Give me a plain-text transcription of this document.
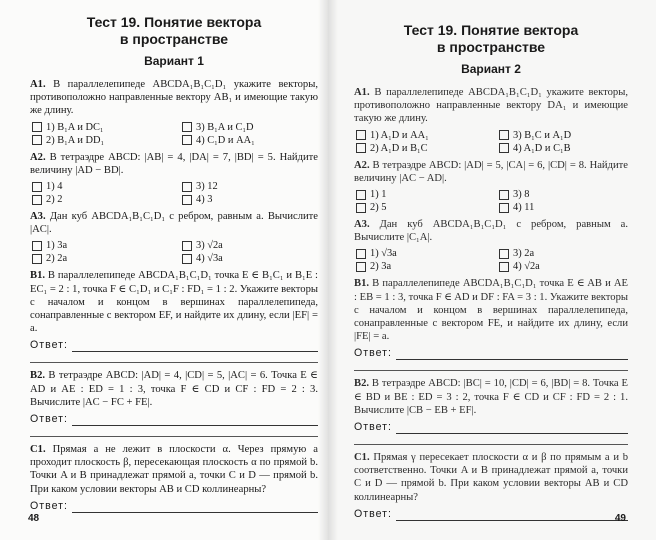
Тест 19. Понятие вектора
в пространстве
Вариант 1
А1. В параллелепипеде ABCDA₁B₁C₁D₁ укажите векторы, противоположно направленные вектору AB₁ и имеющие такую же длину.
1) B₁A и DC₁	3) B₁A и C₁D
2) B₁A и DD₁	4) C₁D и AA₁
А2. В тетраэдре ABCD: |AB| = 4, |DA| = 7, |BD| = 5. Найдите величину |AD − BD|.
1) 4	3) 12
2) 2	4) 3
А3. Дан куб ABCDA₁B₁C₁D₁ с ребром, равным a. Вычислите |AC|.
1) 3a	3) √2a
2) 2a	4) √3a
В1. В параллелепипеде ABCDA₁B₁C₁D₁ точка E ∈ B₁C₁ и B₁E : EC₁ = 2 : 1, точка F ∈ C₁D₁ и C₁F : FD₁ = 1 : 2. Укажите векторы с началом и концом в вершинах параллелепипеда, сонаправленные с вектором EF, и найдите их длину, если |EF| = a.
Ответ:
В2. В тетраэдре ABCD: |AD| = 4, |CD| = 5, |AC| = 6. Точка E ∈ AD и AE : ED = 1 : 3, точка F ∈ CD и CF : FD = 2 : 3. Вычислите |AC − FC + FE|.
Ответ:
С1. Прямая a не лежит в плоскости α. Через прямую a проходит плоскость β, пересекающая плоскость α по прямой b. Точки A и B принадлежат прямой a, точки C и D — прямой b. При каком условии векторы AB и CD коллинеарны?
Ответ:
48
Тест 19. Понятие вектора
в пространстве
Вариант 2
А1. В параллелепипеде ABCDA₁B₁C₁D₁ укажите векторы, противоположно направленные вектору DA₁ и имеющие такую же длину.
1) A₁D и AA₁	3) B₁C и A₁D
2) A₁D и B₁C	4) A₁D и C₁B
А2. В тетраэдре ABCD: |AD| = 5, |CA| = 6, |CD| = 8. Найдите величину |AC − AD|.
1) 1	3) 8
2) 5	4) 11
А3. Дан куб ABCDA₁B₁C₁D₁ с ребром, равным a. Вычислите |C₁A|.
1) √3a	3) 2a
2) 3a	4) √2a
В1. В параллелепипеде ABCDA₁B₁C₁D₁ точка E ∈ AB и AE : EB = 1 : 3, точка F ∈ AD и DF : FA = 3 : 1. Укажите векторы с началом и концом в вершинах параллелепипеда, сонаправленные с вектором FE, и найдите их длину, если |FE| = a.
Ответ:
В2. В тетраэдре ABCD: |BC| = 10, |CD| = 6, |BD| = 8. Точка E ∈ BD и BE : ED = 3 : 2, точка F ∈ CD и CF : FD = 2 : 1. Вычислите |CB − EB + EF|.
Ответ:
С1. Прямая γ пересекает плоскости α и β по прямым a и b соответственно. Точки A и B принадлежат прямой a, точки C и D — прямой b. При каком условии векторы AB и CD коллинеарны?
Ответ:	49
